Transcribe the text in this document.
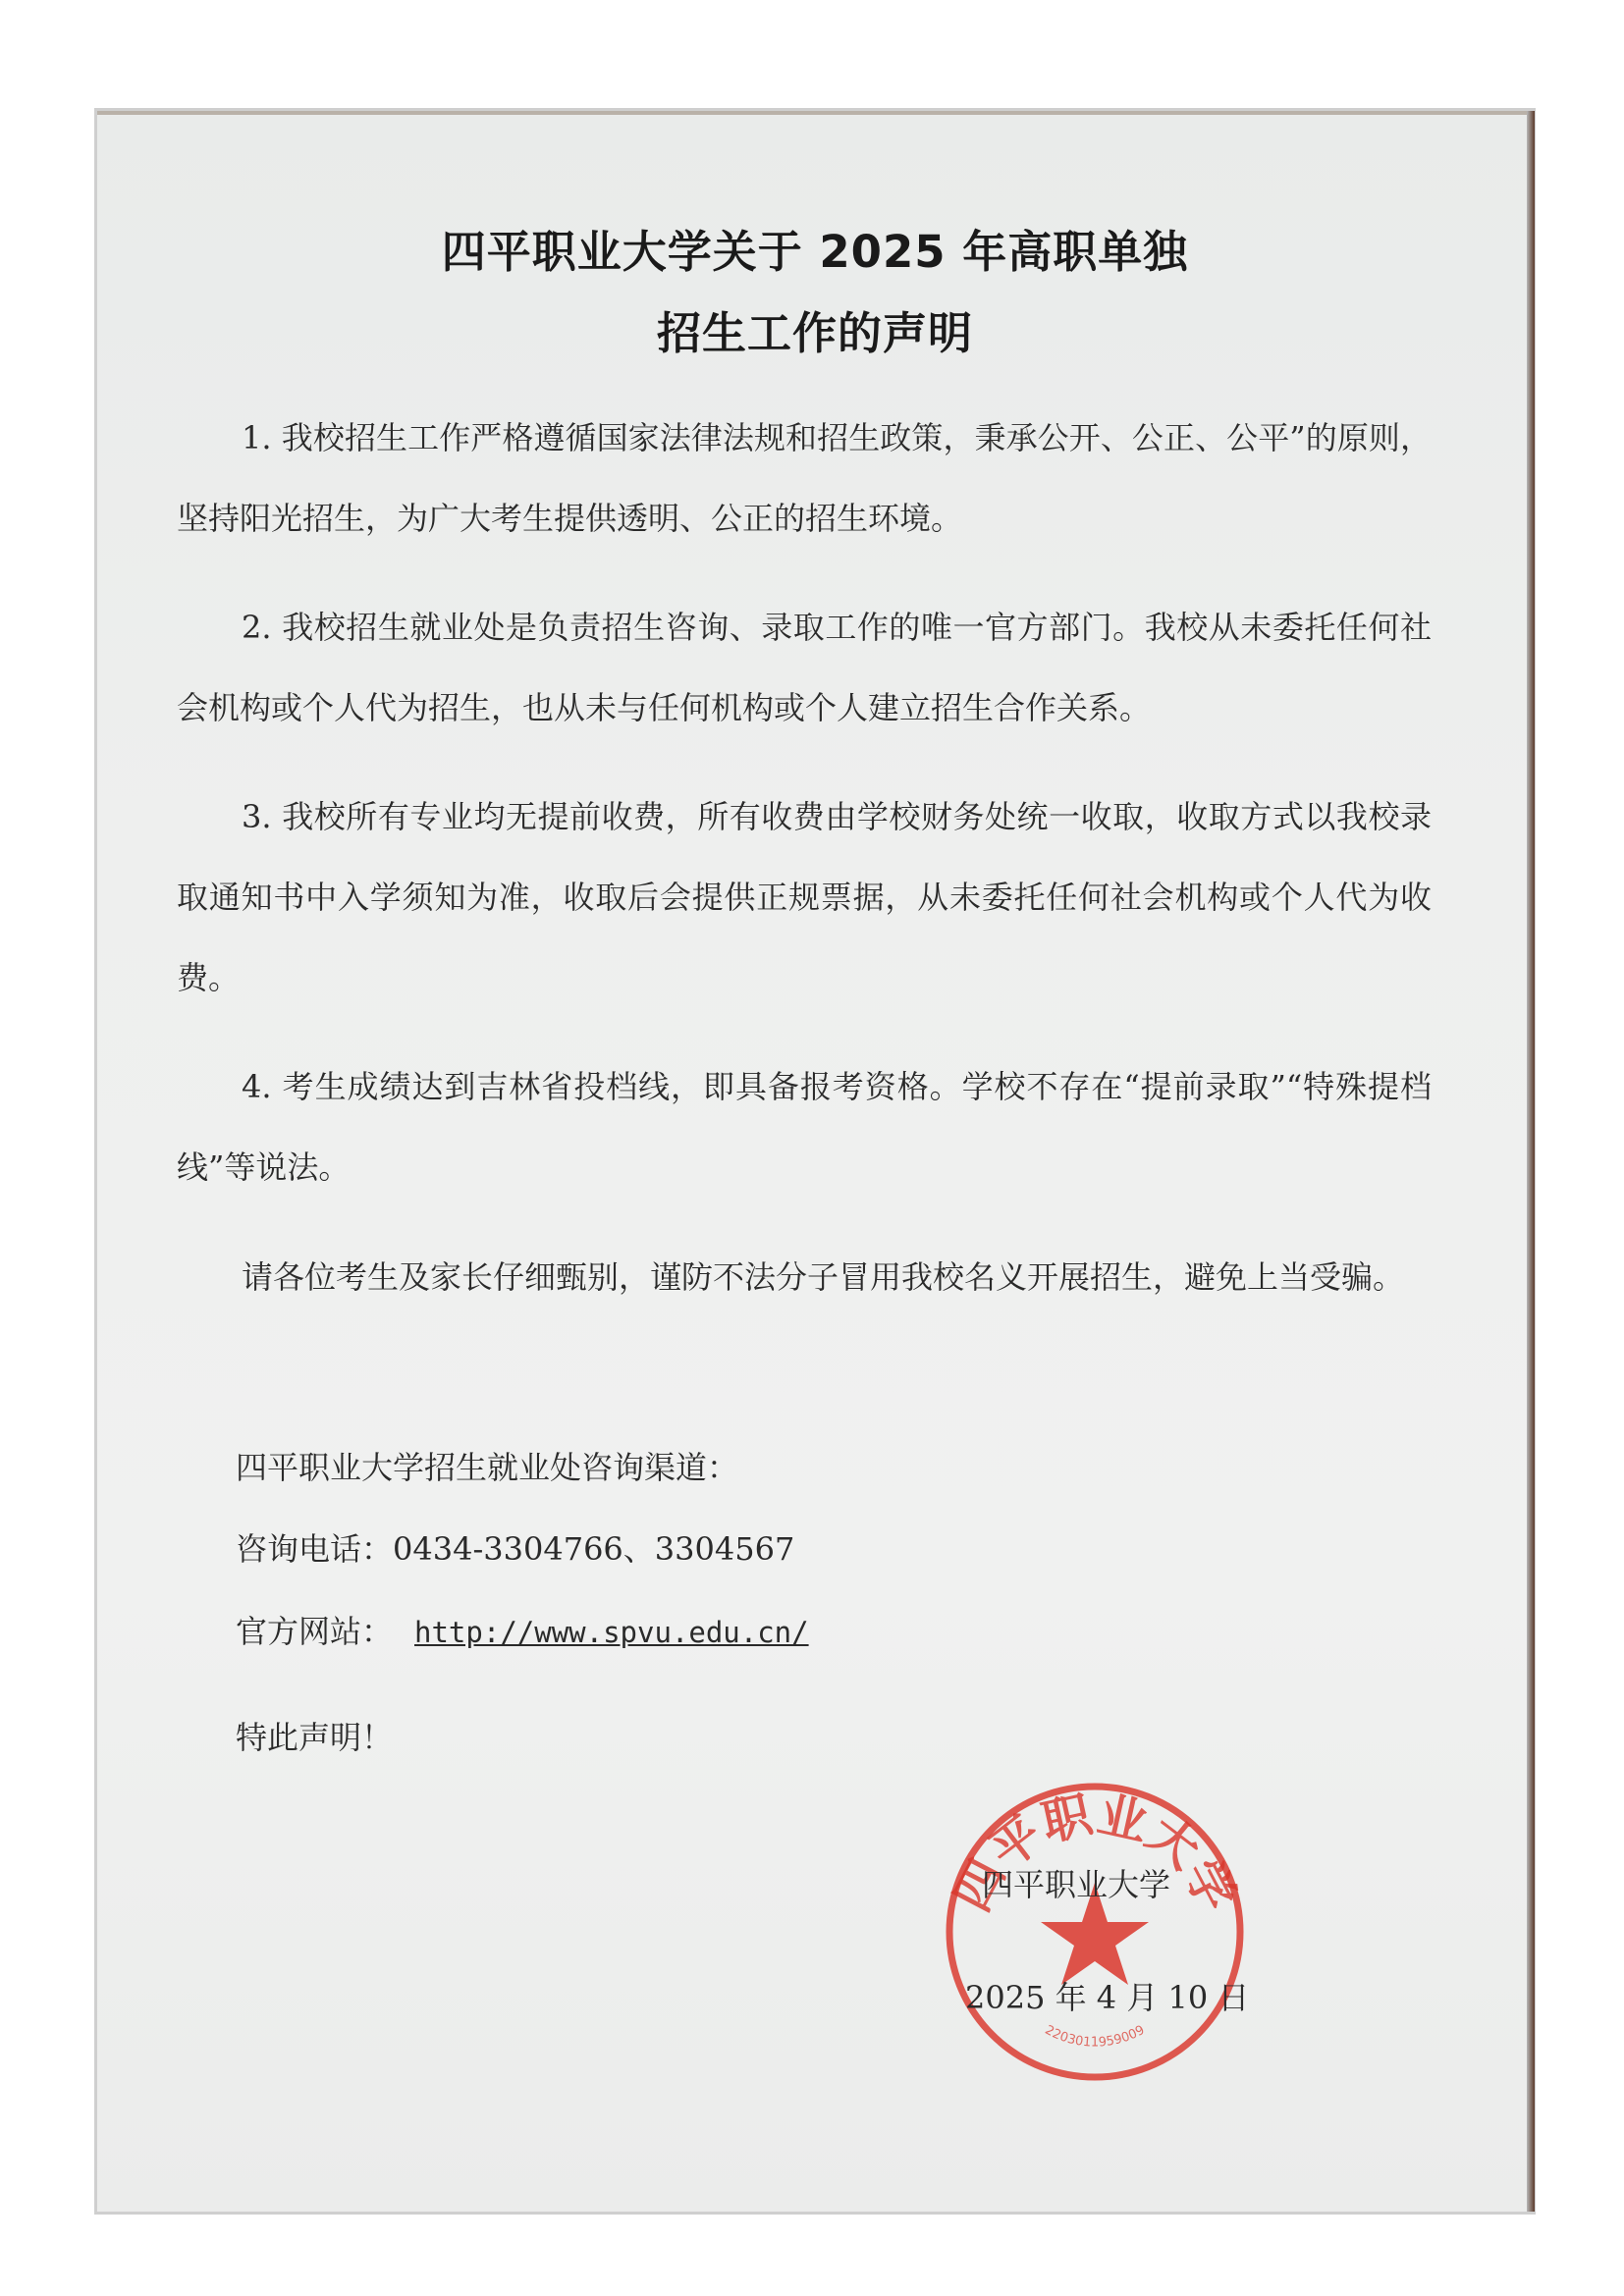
四平职业大学关于 2025 年高职单独
招生工作的声明
1. 我校招生工作严格遵循国家法律法规和招生政策，秉承公开、公正、公平”的原则，坚持阳光招生，为广大考生提供透明、公正的招生环境。
2. 我校招生就业处是负责招生咨询、录取工作的唯一官方部门。我校从未委托任何社会机构或个人代为招生，也从未与任何机构或个人建立招生合作关系。
3. 我校所有专业均无提前收费，所有收费由学校财务处统一收取，收取方式以我校录取通知书中入学须知为准，收取后会提供正规票据，从未委托任何社会机构或个人代为收费。
4. 考生成绩达到吉林省投档线，即具备报考资格。学校不存在“提前录取”“特殊提档线”等说法。
请各位考生及家长仔细甄别，谨防不法分子冒用我校名义开展招生，避免上当受骗。
四平职业大学招生就业处咨询渠道：
咨询电话：0434-3304766、3304567
官方网站： http://www.spvu.edu.cn/
特此声明！
四平职业大学
2203011959009
四平职业大学
2025 年 4 月 10 日
